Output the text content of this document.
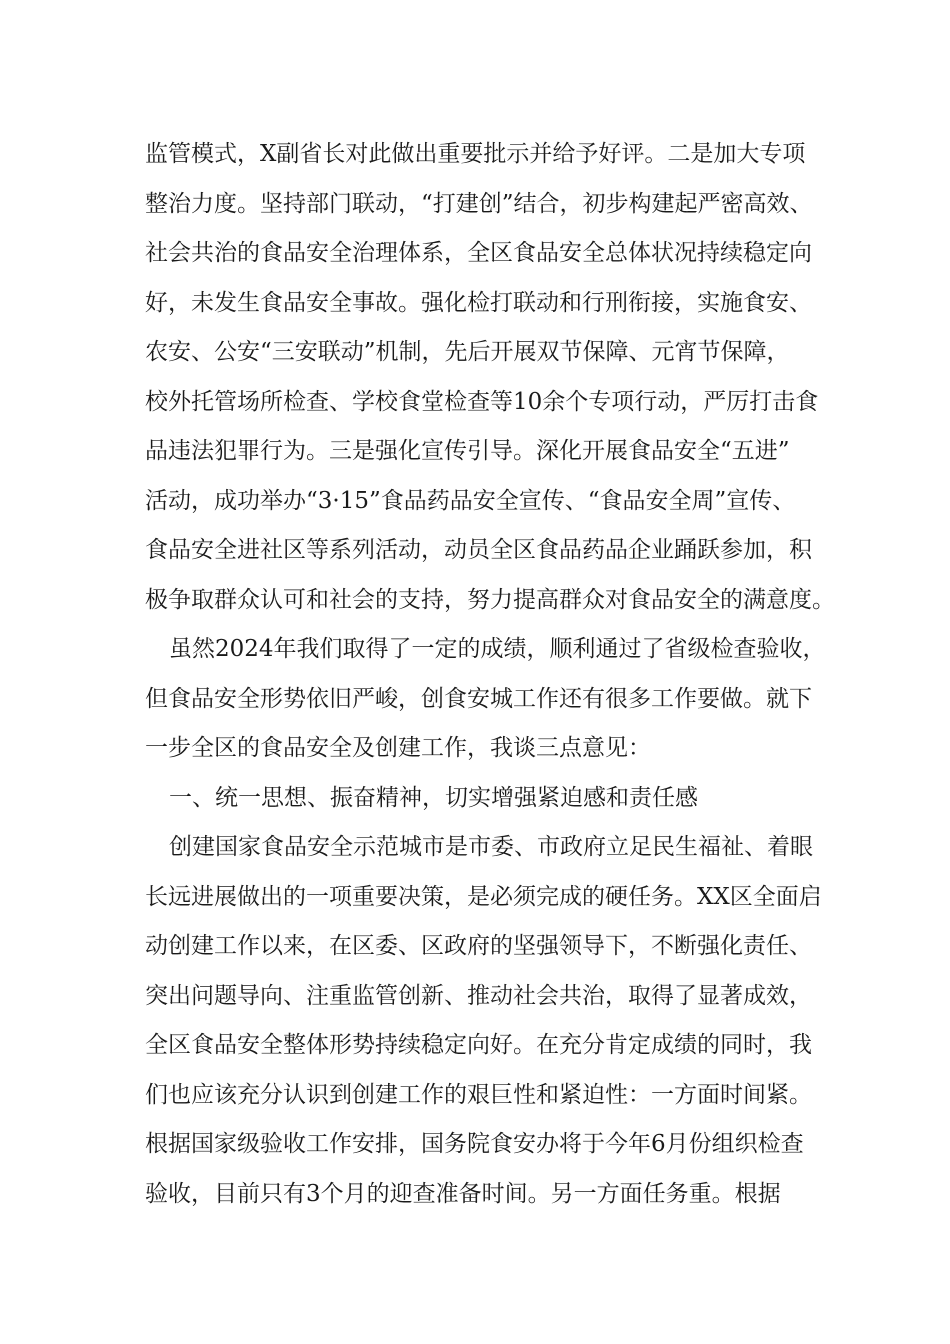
监管模式，X副省长对此做出重要批示并给予好评。二是加大专项
整治力度。坚持部门联动，“打建创”结合，初步构建起严密高效、
社会共治的食品安全治理体系，全区食品安全总体状况持续稳定向
好，未发生食品安全事故。强化检打联动和行刑衔接，实施食安、
农安、公安“三安联动”机制，先后开展双节保障、元宵节保障，
校外托管场所检查、学校食堂检查等10余个专项行动，严厉打击食
品违法犯罪行为。三是强化宣传引导。深化开展食品安全“五进”
活动，成功举办“3·15”食品药品安全宣传、“食品安全周”宣传、
食品安全进社区等系列活动，动员全区食品药品企业踊跃参加，积
极争取群众认可和社会的支持，努力提高群众对食品安全的满意度。
虽然2024年我们取得了一定的成绩，顺利通过了省级检查验收，
但食品安全形势依旧严峻，创食安城工作还有很多工作要做。就下
一步全区的食品安全及创建工作，我谈三点意见：
一、统一思想、振奋精神，切实增强紧迫感和责任感
创建国家食品安全示范城市是市委、市政府立足民生福祉、着眼
长远进展做出的一项重要决策，是必须完成的硬任务。XX区全面启
动创建工作以来，在区委、区政府的坚强领导下，不断强化责任、
突出问题导向、注重监管创新、推动社会共治，取得了显著成效，
全区食品安全整体形势持续稳定向好。在充分肯定成绩的同时，我
们也应该充分认识到创建工作的艰巨性和紧迫性：一方面时间紧。
根据国家级验收工作安排，国务院食安办将于今年6月份组织检查
验收，目前只有3个月的迎查准备时间。另一方面任务重。根据
